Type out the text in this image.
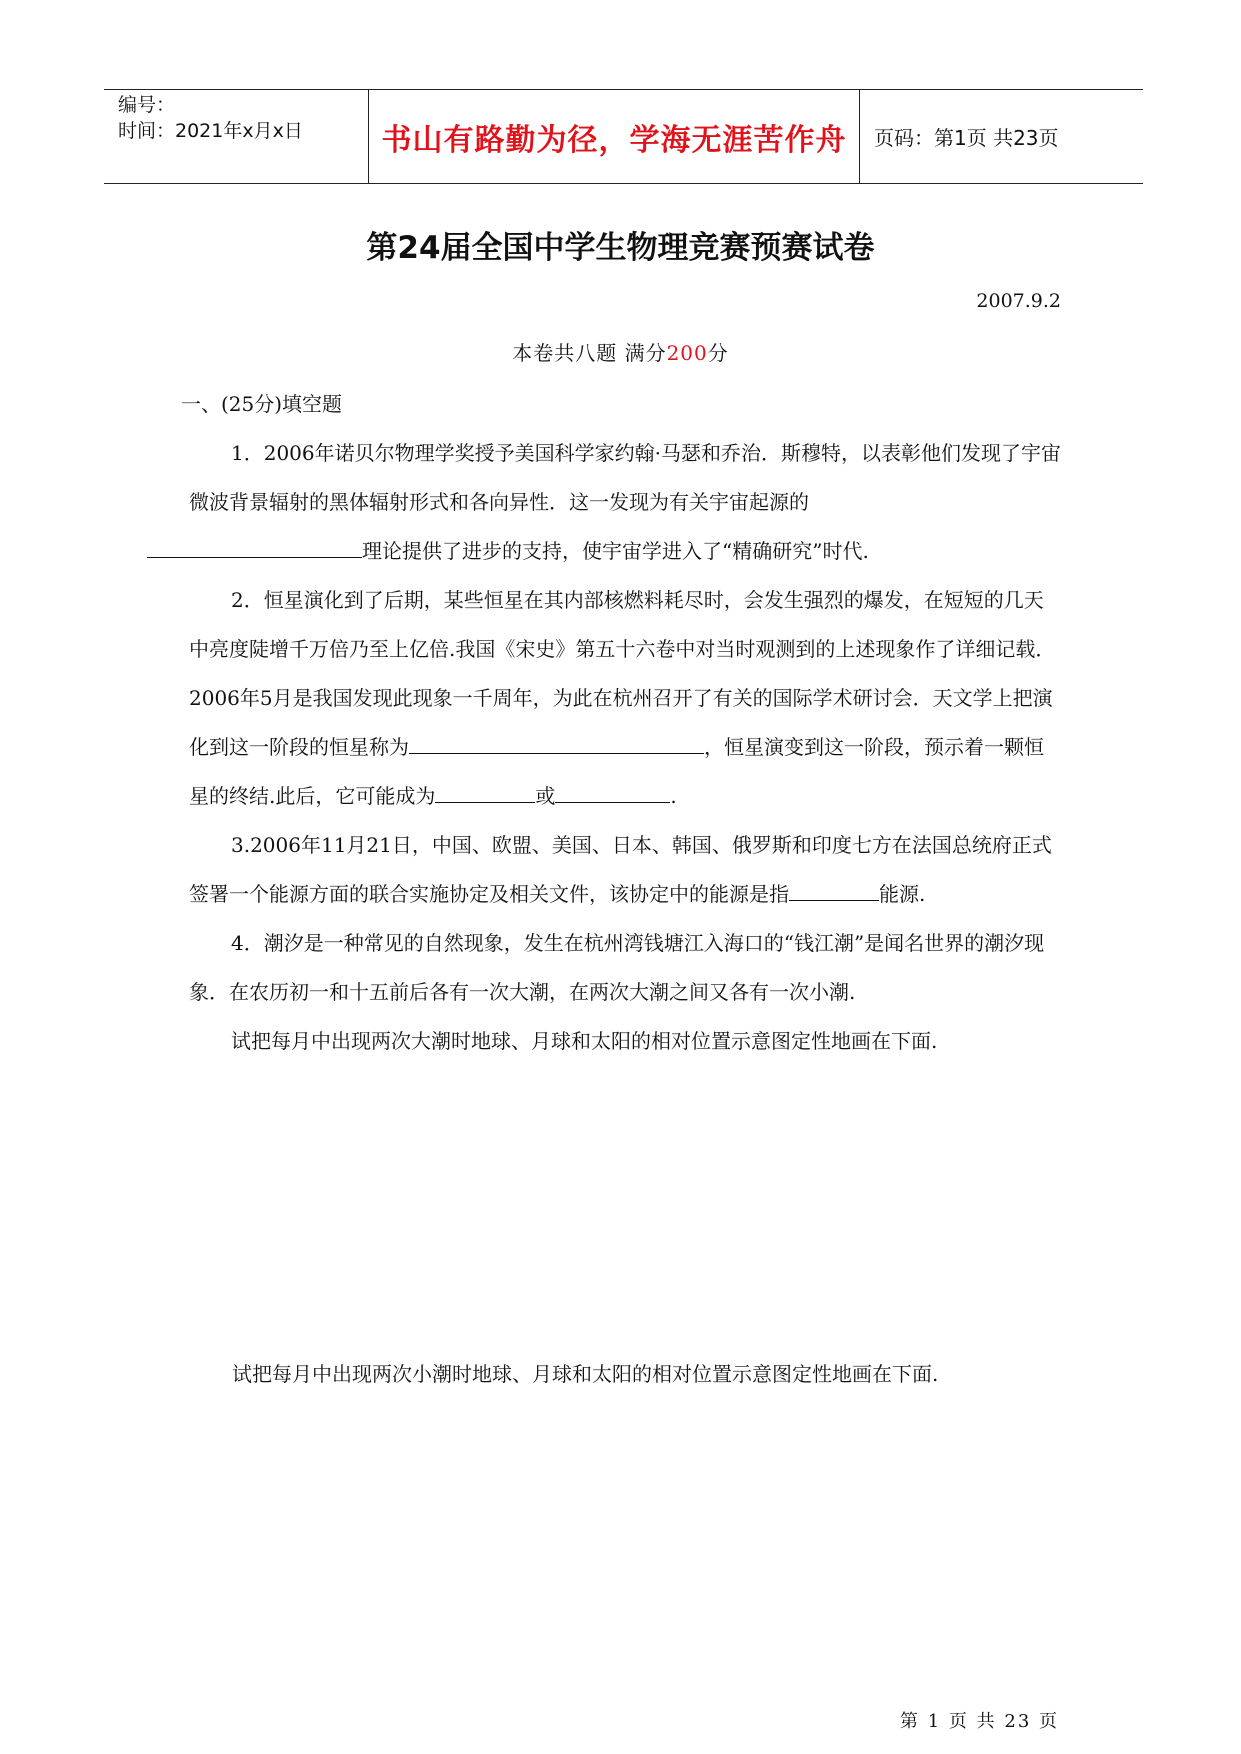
编号：
时间：2021年x月x日	书山有路勤为径，学海无涯苦作舟	页码：第1页 共23页
第24届全国中学生物理竞赛预赛试卷
2007.9.2
本卷共八题 满分200分
一、(25分)填空题

1．2006年诺贝尔物理学奖授予美国科学家约翰·马瑟和乔治．斯穆特，以表彰他们发现了宇宙微波背景辐射的黑体辐射形式和各向异性．这一发现为有关宇宙起源的
理论提供了进步的支持，使宇宙学进入了“精确研究”时代.

2．恒星演化到了后期，某些恒星在其内部核燃料耗尽时，会发生强烈的爆发，在短短的几天中亮度陡增千万倍乃至上亿倍.我国《宋史》第五十六卷中对当时观测到的上述现象作了详细记载．2006年5月是我国发现此现象一千周年，为此在杭州召开了有关的国际学术研讨会．天文学上把演化到这一阶段的恒星称为	，恒星演变到这一阶段，预示着一颗恒星的终结.此后，它可能成为	或	.

3.2006年11月21日，中国、欧盟、美国、日本、韩国、俄罗斯和印度七方在法国总统府正式签署一个能源方面的联合实施协定及相关文件，该协定中的能源是指	能源.

4．潮汐是一种常见的自然现象，发生在杭州湾钱塘江入海口的“钱江潮”是闻名世界的潮汐现象．在农历初一和十五前后各有一次大潮，在两次大潮之间又各有一次小潮.

试把每月中出现两次大潮时地球、月球和太阳的相对位置示意图定性地画在下面.

试把每月中出现两次小潮时地球、月球和太阳的相对位置示意图定性地画在下面.
第 1 页 共 23 页
